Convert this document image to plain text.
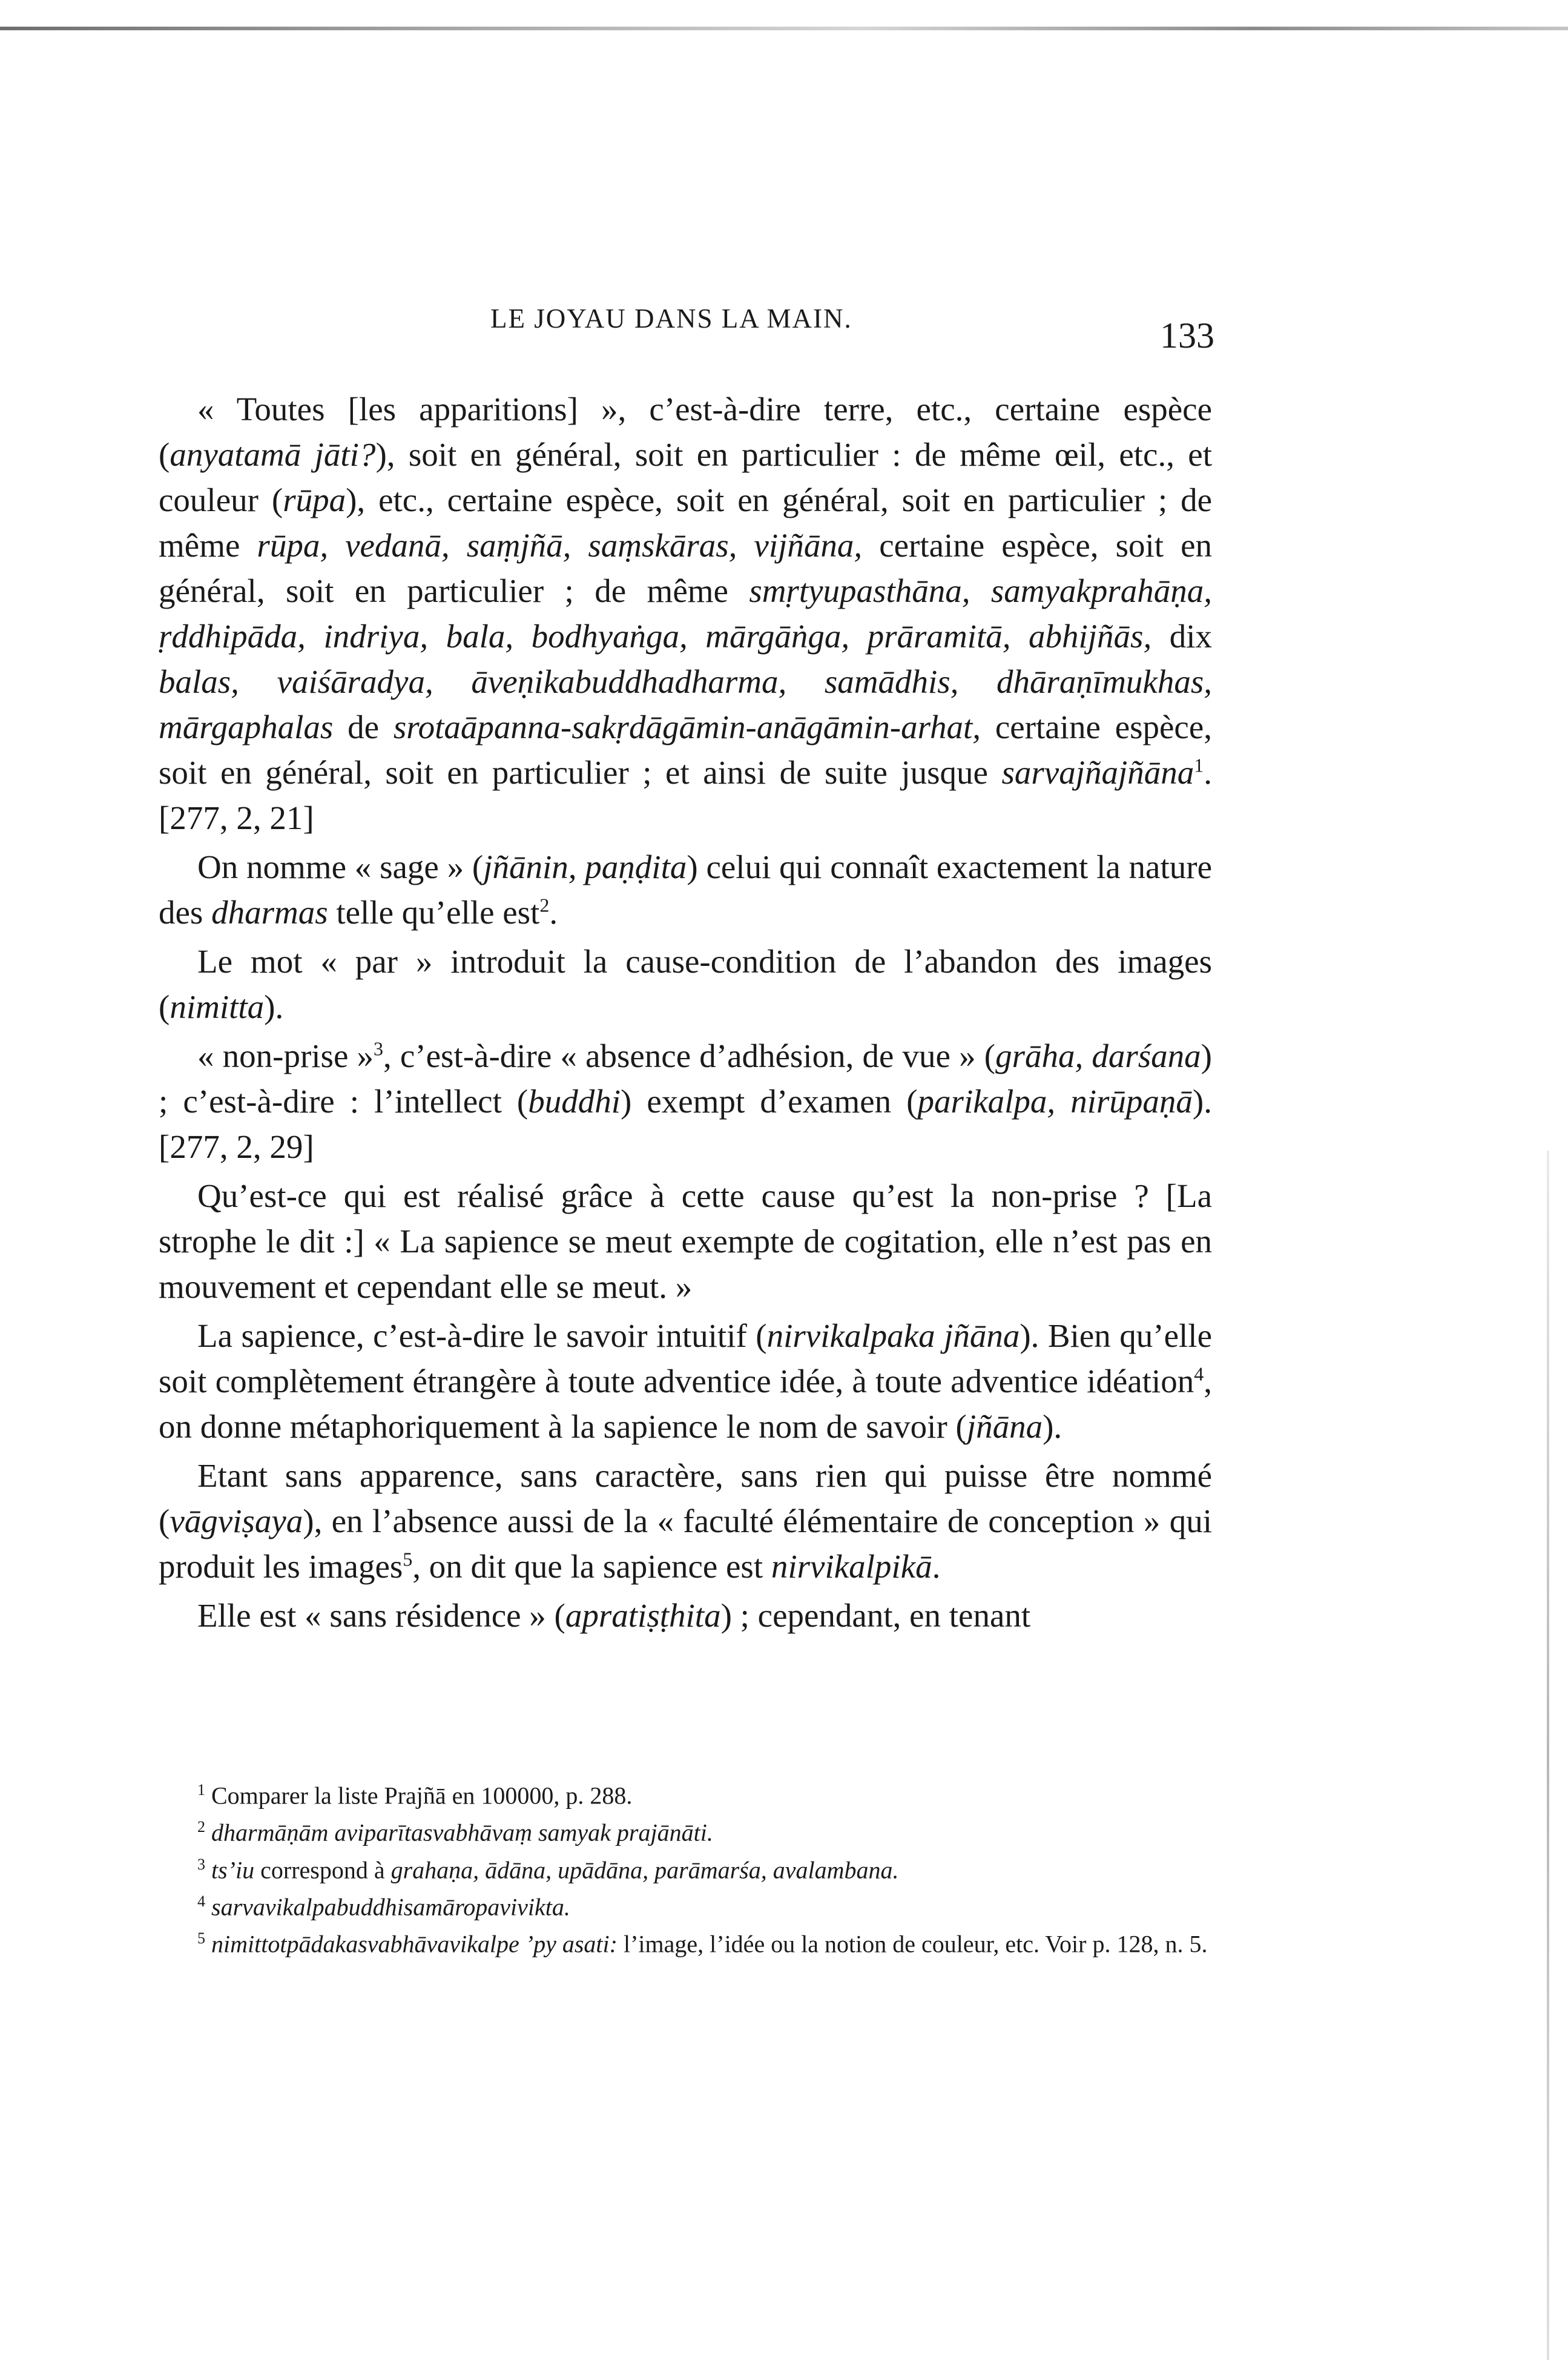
LE JOYAU DANS LA MAIN.	133

« Toutes [les apparitions] », c’est-à-dire terre, etc., certaine espèce (anyatamā jāti?), soit en général, soit en particulier : de même œil, etc., et couleur (rūpa), etc., certaine espèce, soit en général, soit en particulier ; de même rūpa, vedanā, saṃjñā, saṃskāras, vijñāna, certaine espèce, soit en général, soit en particulier ; de même smṛtyupasthāna, samyakprahāṇa, ṛddhipāda, indriya, bala, bodhyaṅga, mārgāṅga, prāramitā, abhijñās, dix balas, vaiśāradya, āveṇikabuddhadharma, samādhis, dhāraṇīmukhas, mārgaphalas de srotaāpanna-sakṛdāgāmin-anāgāmin-arhat, certaine espèce, soit en général, soit en particulier ; et ainsi de suite jusque sarvajñajñāna$^1$. [277, 2, 21]

On nomme « sage » (jñānin, paṇḍita) celui qui connaît exactement la nature des dharmas telle qu’elle est$^2$.

Le mot « par » introduit la cause-condition de l’abandon des images (nimitta).

« non-prise »$^3$, c’est-à-dire « absence d’adhésion, de vue » (grāha, darśana) ; c’est-à-dire : l’intellect (buddhi) exempt d’examen (parikalpa, nirūpaṇā). [277, 2, 29]

Qu’est-ce qui est réalisé grâce à cette cause qu’est la non-prise ? [La strophe le dit :] « La sapience se meut exempte de cogitation, elle n’est pas en mouvement et cependant elle se meut. »

La sapience, c’est-à-dire le savoir intuitif (nirvikalpaka jñāna). Bien qu’elle soit complètement étrangère à toute adventice idée, à toute adventice idéation$^4$, on donne métaphoriquement à la sapience le nom de savoir (jñāna).

Etant sans apparence, sans caractère, sans rien qui puisse être nommé (vāgviṣaya), en l’absence aussi de la « faculté élémentaire de conception » qui produit les images$^5$, on dit que la sapience est nirvikalpikā.

Elle est « sans résidence » (apratiṣṭhita) ; cependant, en tenant

$^1$ Comparer la liste Prajñā en 100000, p. 288.

$^2$ dharmāṇām aviparītasvabhāvaṃ samyak prajānāti.

$^3$ ts’iu correspond à grahaṇa, ādāna, upādāna, parāmarśa, avalambana.

$^4$ sarvavikalpabuddhisamāropavivikta.

$^5$ nimittotpādakasvabhāvavikalpe ’py asati: l’image, l’idée ou la notion de couleur, etc. Voir p. 128, n. 5.
